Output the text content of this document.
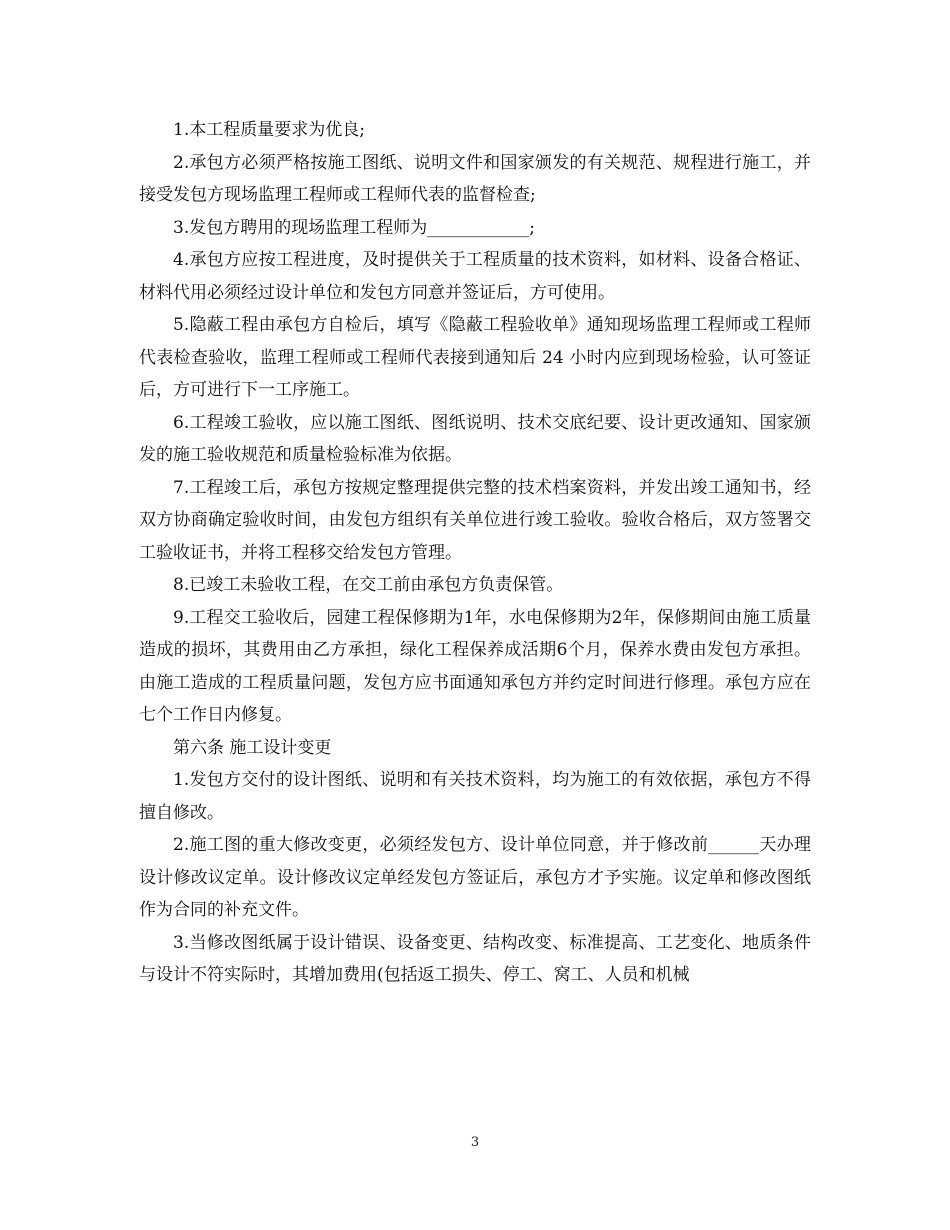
1.本工程质量要求为优良;

2.承包方必须严格按施工图纸、说明文件和国家颁发的有关规范、规程进行施工，并接受发包方现场监理工程师或工程师代表的监督检查;

3.发包方聘用的现场监理工程师为____________;

4.承包方应按工程进度，及时提供关于工程质量的技术资料，如材料、设备合格证、材料代用必须经过设计单位和发包方同意并签证后，方可使用。

5.隐蔽工程由承包方自检后，填写《隐蔽工程验收单》通知现场监理工程师或工程师代表检查验收，监理工程师或工程师代表接到通知后 24 小时内应到现场检验，认可签证后，方可进行下一工序施工。

6.工程竣工验收，应以施工图纸、图纸说明、技术交底纪要、设计更改通知、国家颁发的施工验收规范和质量检验标准为依据。

7.工程竣工后，承包方按规定整理提供完整的技术档案资料，并发出竣工通知书，经双方协商确定验收时间，由发包方组织有关单位进行竣工验收。验收合格后，双方签署交工验收证书，并将工程移交给发包方管理。

8.已竣工未验收工程，在交工前由承包方负责保管。

9.工程交工验收后，园建工程保修期为1年，水电保修期为2年，保修期间由施工质量造成的损坏，其费用由乙方承担，绿化工程保养成活期6个月，保养水费由发包方承担。由施工造成的工程质量问题，发包方应书面通知承包方并约定时间进行修理。承包方应在七个工作日内修复。

第六条 施工设计变更

1.发包方交付的设计图纸、说明和有关技术资料，均为施工的有效依据，承包方不得擅自修改。

2.施工图的重大修改变更，必须经发包方、设计单位同意，并于修改前______天办理设计修改议定单。设计修改议定单经发包方签证后，承包方才予实施。议定单和修改图纸作为合同的补充文件。

3.当修改图纸属于设计错误、设备变更、结构改变、标准提高、工艺变化、地质条件与设计不符实际时，其增加费用(包括返工损失、停工、窝工、人员和机械

3
